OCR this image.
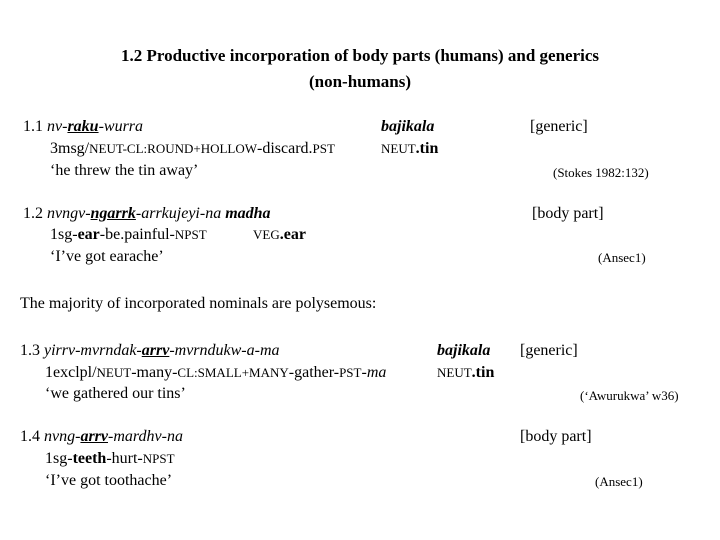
1.2 Productive incorporation of body parts (humans) and generics
(non-humans)
1.1 nv-raku-wurra	bajikala	[generic]
3msg/NEUT-CL:ROUND+HOLLOW-discard.PST	NEUT.tin
‘he threw the tin away’	(Stokes 1982:132)
1.2 nvngv-ngarrk-arrkujeyi-na madha	[body part]
1sg-ear-be.painful-NPST	VEG.ear
‘I’ve got earache’	(Ansec1)
The majority of incorporated nominals are polysemous:
1.3 yirrv-mvrndak-arrv-mvrndukw-a-ma	bajikala [generic]
1exclpl/NEUT-many-CL:SMALL+MANY-gather-PST-ma	NEUT.tin
‘we gathered our tins’	(‘Awurukwa’ w36)
1.4 nvng-arrv-mardhv-na	[body part]
1sg-teeth-hurt-NPST
‘I’ve got toothache’	(Ansec1)
